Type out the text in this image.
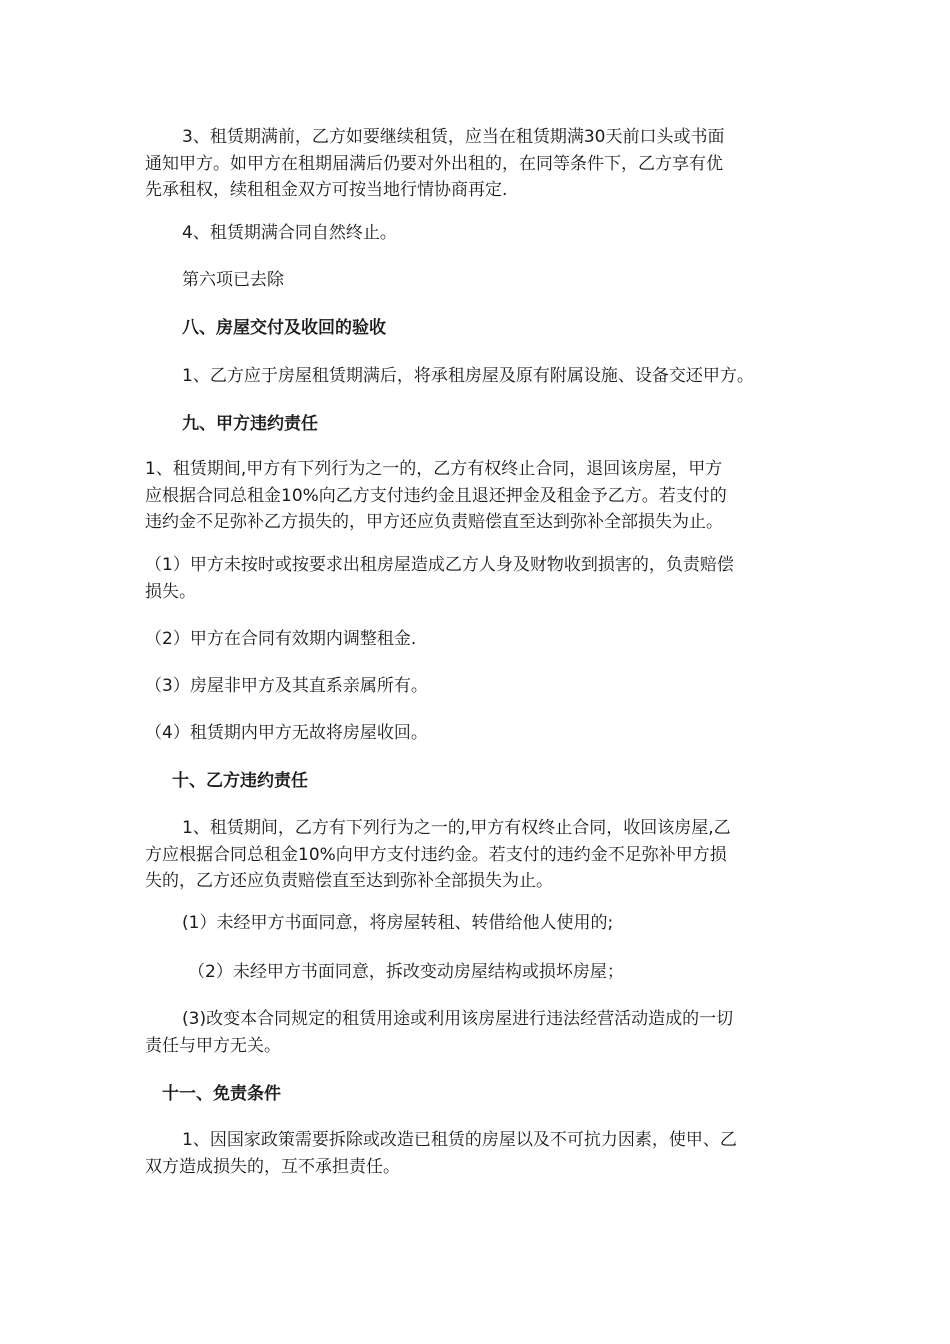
3、租赁期满前，乙方如要继续租赁，应当在租赁期满30天前口头或书面
通知甲方。如甲方在租期届满后仍要对外出租的，在同等条件下，乙方享有优
先承租权，续租租金双方可按当地行情协商再定.

4、租赁期满合同自然终止。

第六项已去除

八、房屋交付及收回的验收

1、乙方应于房屋租赁期满后，将承租房屋及原有附属设施、设备交还甲方。

九、甲方违约责任

1、租赁期间,甲方有下列行为之一的，乙方有权终止合同，退回该房屋，甲方
应根据合同总租金10%向乙方支付违约金且退还押金及租金予乙方。若支付的
违约金不足弥补乙方损失的，甲方还应负责赔偿直至达到弥补全部损失为止。

（1）甲方未按时或按要求出租房屋造成乙方人身及财物收到损害的，负责赔偿
损失。

（2）甲方在合同有效期内调整租金.

（3）房屋非甲方及其直系亲属所有。

（4）租赁期内甲方无故将房屋收回。

十、乙方违约责任

1、租赁期间，乙方有下列行为之一的,甲方有权终止合同，收回该房屋,乙
方应根据合同总租金10%向甲方支付违约金。若支付的违约金不足弥补甲方损
失的，乙方还应负责赔偿直至达到弥补全部损失为止。

(1）未经甲方书面同意，将房屋转租、转借给他人使用的;

（2）未经甲方书面同意，拆改变动房屋结构或损坏房屋；

(3)改变本合同规定的租赁用途或利用该房屋进行违法经营活动造成的一切
责任与甲方无关。

十一、免责条件

1、因国家政策需要拆除或改造已租赁的房屋以及不可抗力因素，使甲、乙
双方造成损失的，互不承担责任。
